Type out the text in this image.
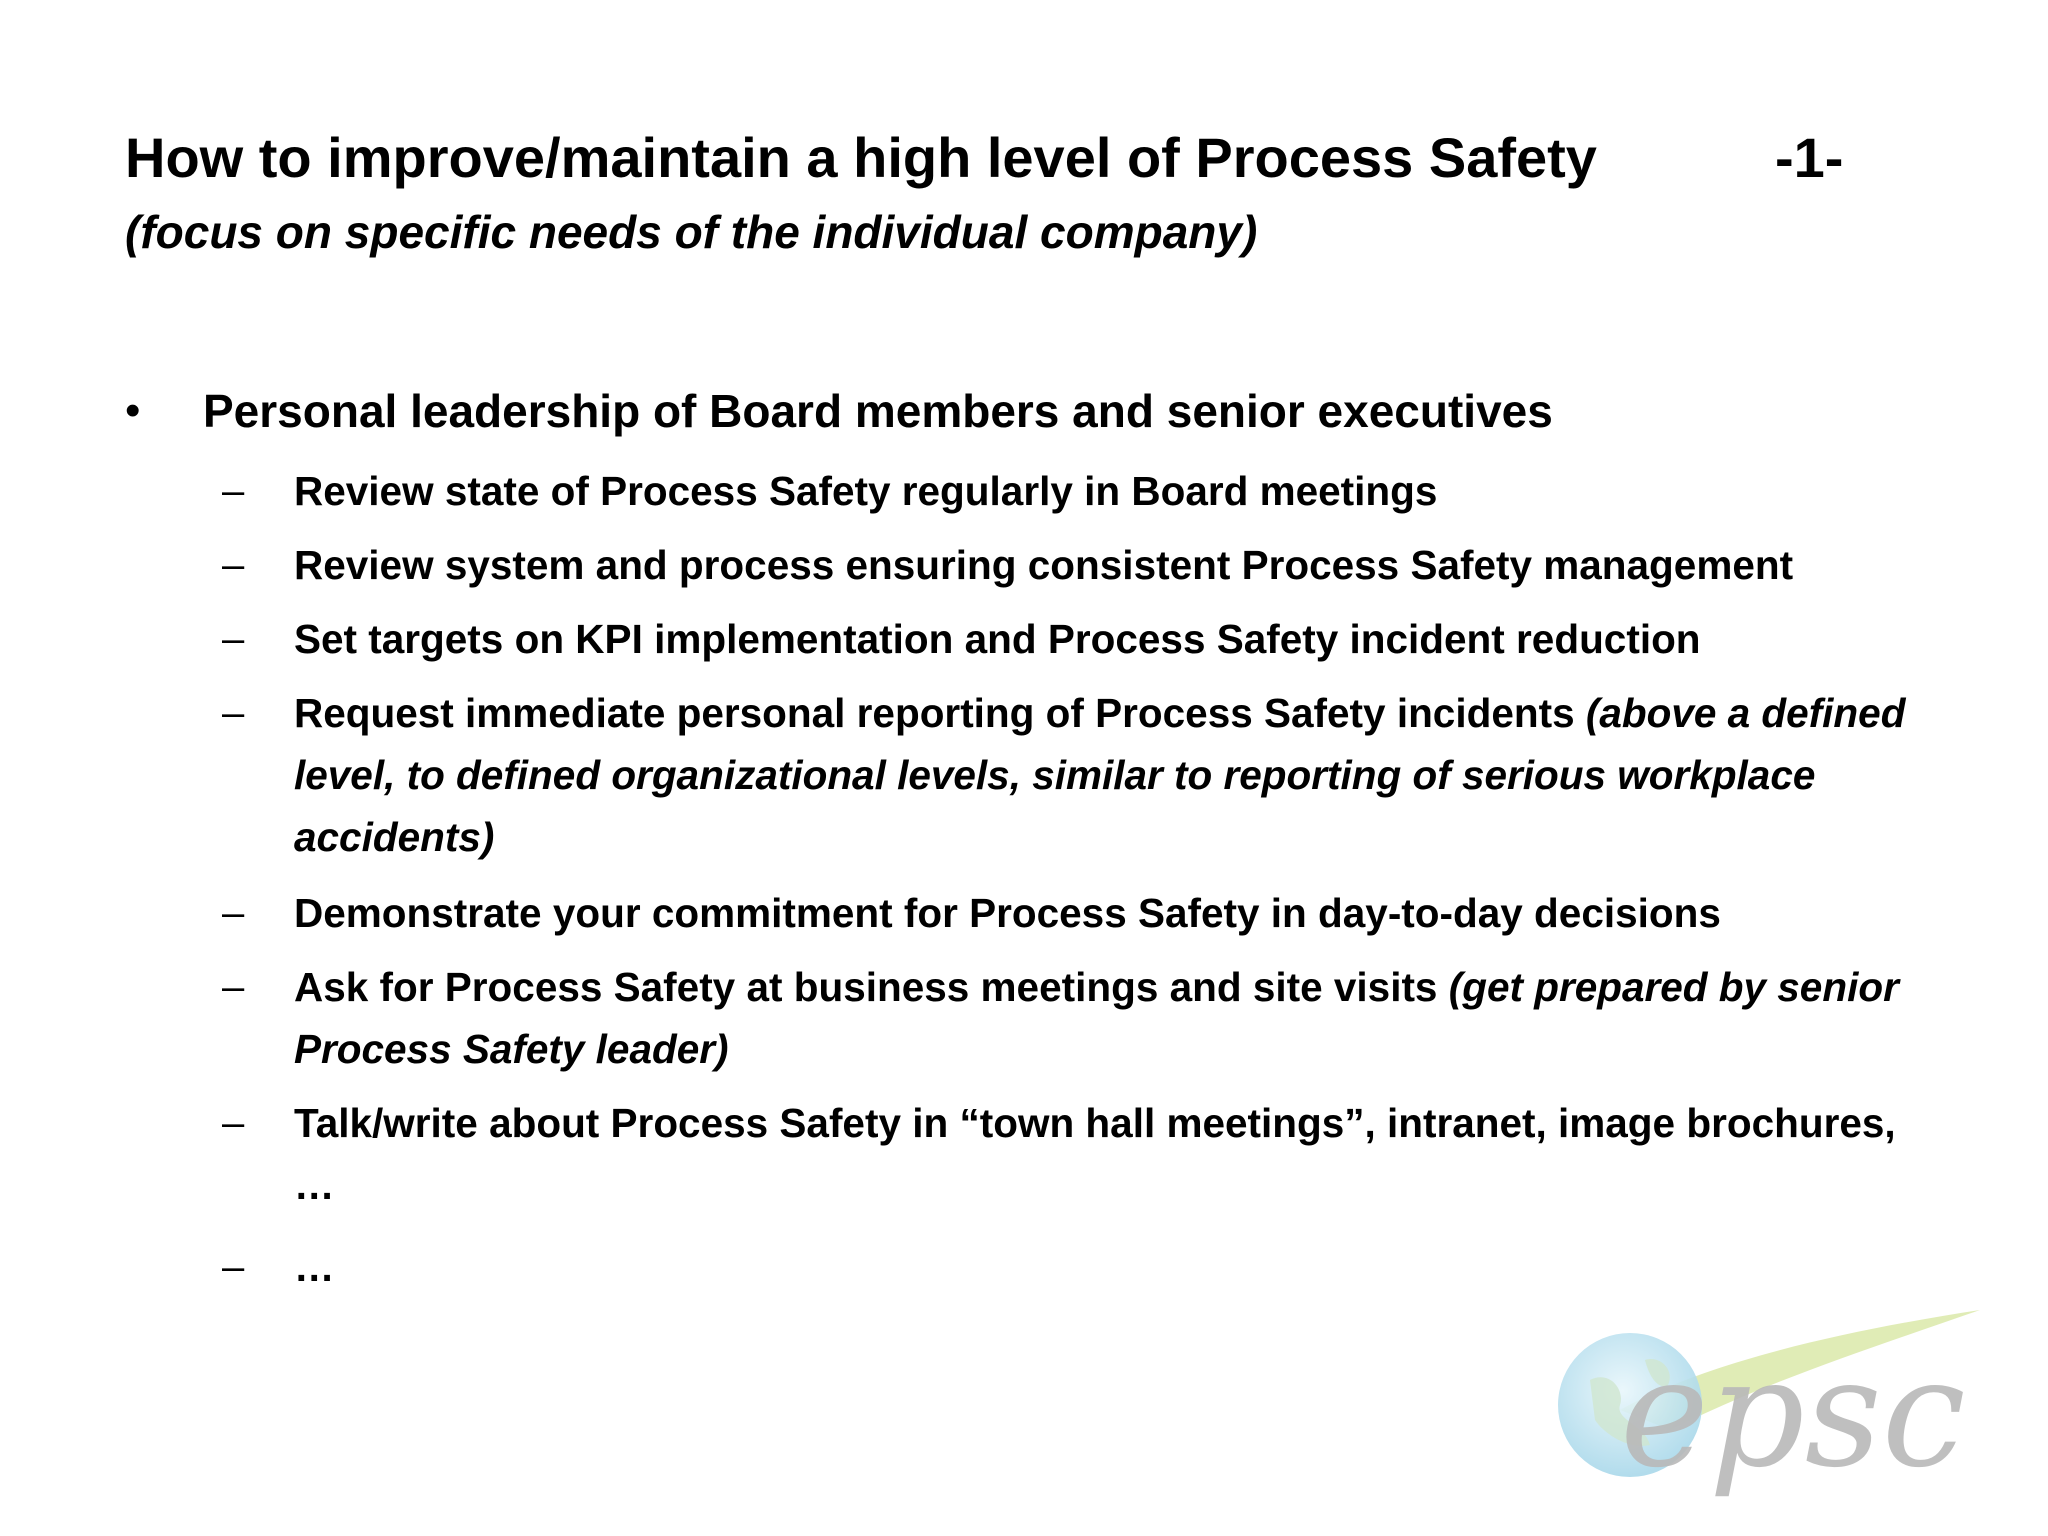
How to improve/maintain a high level of Process Safety	-1-
(focus on specific needs of the individual company)
• Personal leadership of Board members and senior executives
– Review state of Process Safety regularly in Board meetings
– Review system and process ensuring consistent Process Safety management
– Set targets on KPI implementation and Process Safety incident reduction
– Request immediate personal reporting of Process Safety incidents (above a defined level, to defined organizational levels, similar to reporting of serious workplace accidents)
– Demonstrate your commitment for Process Safety in day-to-day decisions
– Ask for Process Safety at business meetings and site visits (get prepared by senior Process Safety leader)
– Talk/write about Process Safety in “town hall meetings”, intranet, image brochures, …
– …
epsc
